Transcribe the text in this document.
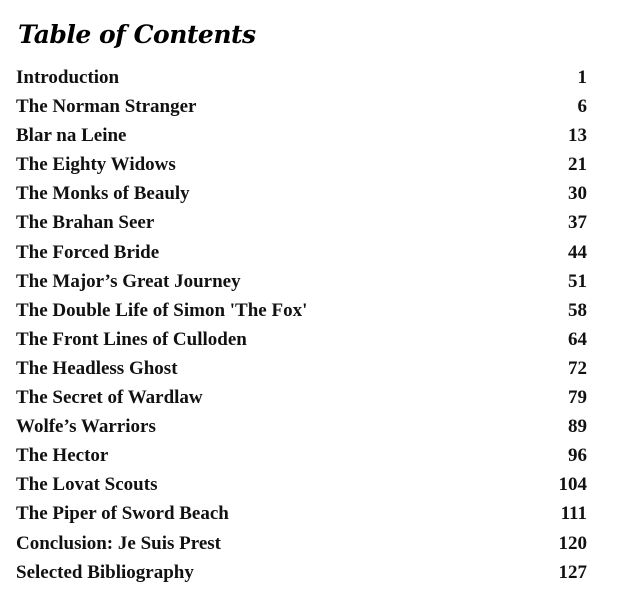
Table of Contents
Introduction	1
The Norman Stranger	6
Blar na Leine	13
The Eighty Widows	21
The Monks of Beauly	30
The Brahan Seer	37
The Forced Bride	44
The Major’s Great Journey	51
The Double Life of Simon 'The Fox'	58
The Front Lines of Culloden	64
The Headless Ghost	72
The Secret of Wardlaw	79
Wolfe’s Warriors	89
The Hector	96
The Lovat Scouts	104
The Piper of Sword Beach	111
Conclusion: Je Suis Prest	120
Selected Bibliography	127
